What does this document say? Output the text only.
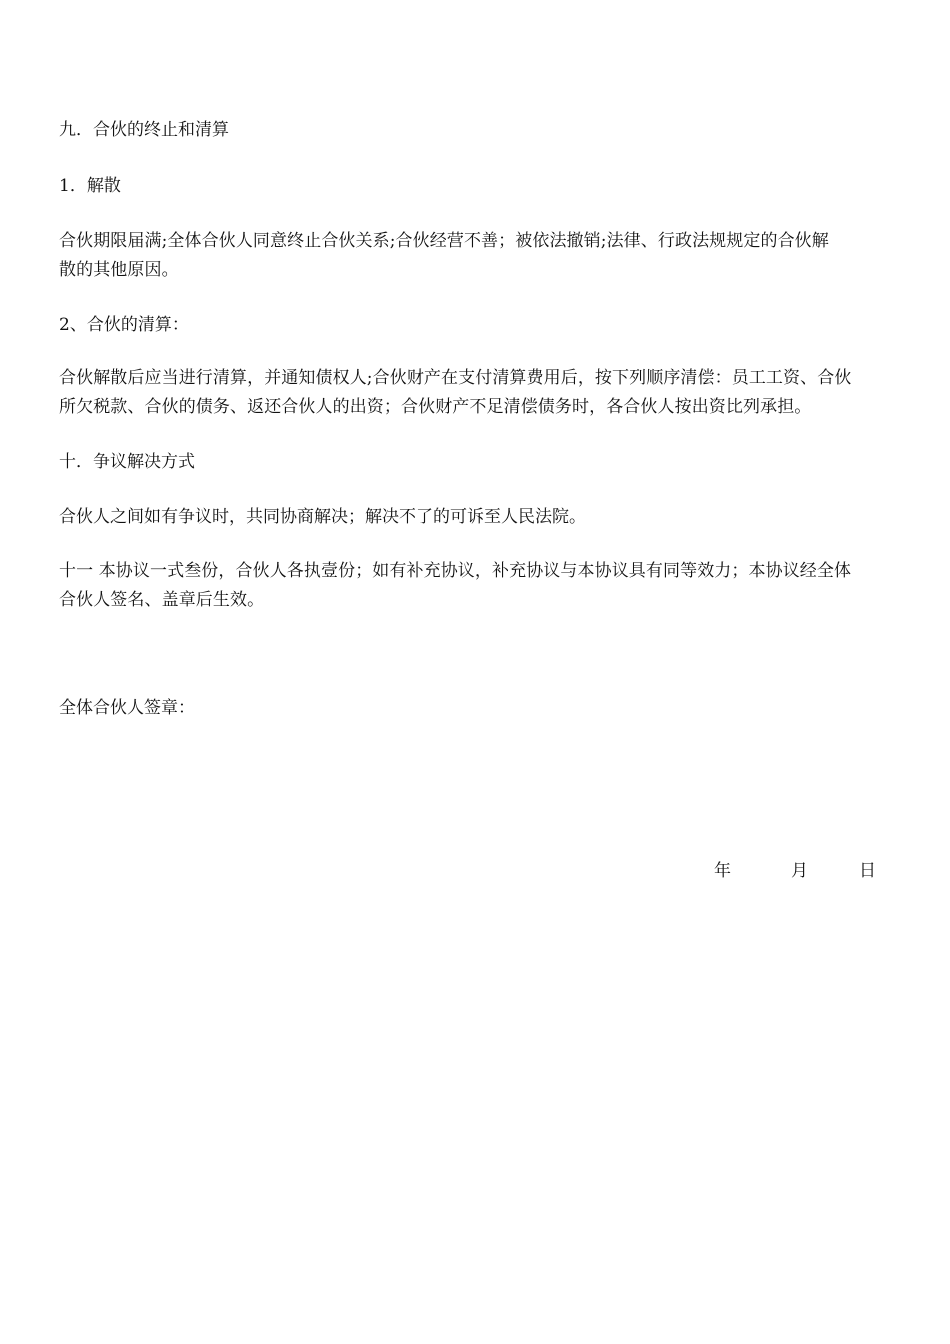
九．合伙的终止和清算
1．解散
合伙期限届满;全体合伙人同意终止合伙关系;合伙经营不善；被依法撤销;法律、行政法规规定的合伙解
散的其他原因。
2、合伙的清算：
合伙解散后应当进行清算，并通知债权人;合伙财产在支付清算费用后，按下列顺序清偿：员工工资、合伙
所欠税款、合伙的债务、返还合伙人的出资；合伙财产不足清偿债务时，各合伙人按出资比列承担。
十．争议解决方式
合伙人之间如有争议时，共同协商解决；解决不了的可诉至人民法院。
十一 本协议一式叁份，合伙人各执壹份；如有补充协议，补充协议与本协议具有同等效力；本协议经全体
合伙人签名、盖章后生效。
全体合伙人签章：
年	月	日
